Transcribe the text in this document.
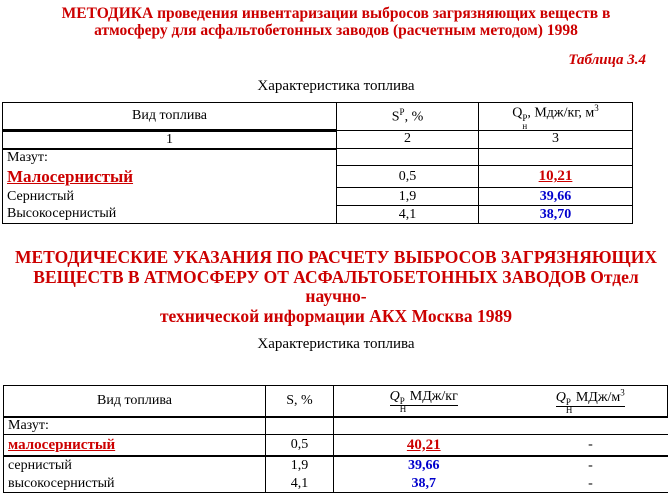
МЕТОДИКА проведения инвентаризации выбросов загрязняющих веществ в
атмосферу для асфальтобетонных заводов (расчетным методом) 1998
Таблица 3.4
Характеристика топлива
Вид топлива	$S^Р$, %	Q Р
н
, Мдж/кг, $м^3$
1	2	3
Мазут:		
Малосернистый	0,5	10,21
Сернистый	1,9	39,66
Высокосернистый	4,1	38,70
МЕТОДИЧЕСКИЕ УКАЗАНИЯ ПО РАСЧЕТУ ВЫБРОСОВ ЗАГРЯЗНЯЮЩИХ
ВЕЩЕСТВ В АТМОСФЕРУ ОТ АСФАЛЬТОБЕТОННЫХ ЗАВОДОВ Отдел научно-
технической информации АКХ Москва 1989
Характеристика топлива
Вид топлива	S, %	Q Р
Н
МДж/кг	Q Р
Н
МДж/$м^3$
Мазут:			
малосернистый	0,5	40,21	-
сернистый	1,9	39,66	-
высокосернистый	4,1	38,7	-
